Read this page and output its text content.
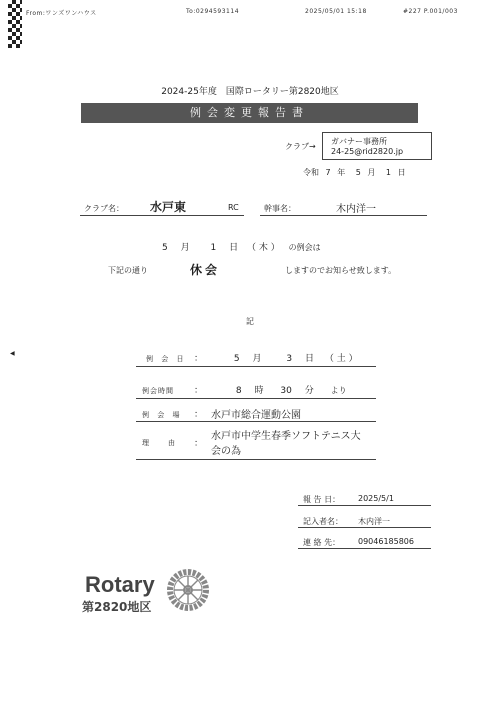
From:ワンズワンハウス	To:0294593114	2025/05/01 15:18	#227 P.001/003
2024-25年度　国際ロータリー第2820地区
例会変更報告書
クラブ→
ガバナー事務所
24-25@rid2820.jp
令和 7 年 5 月 1 日
クラブ名： 水戸東	RC	幹事名：	木内洋一
5 月 1 日 （ 木 ） の例会は
下記の通り	休会	しますのでお知らせ致します。
記
◀
例 会 日 ：	5 月	3 日 （ 土 ）
例会時間 ：	8 時 30 分 より
例 会 場 ： 水戸市総合運動公園
理　由 ：
水戸市中学生春季ソフトテニス大
会の為
報 告 日： 2025/5/1
記入者名： 木内洋一
連 絡 先： 09046185806
Rotary
第2820地区
